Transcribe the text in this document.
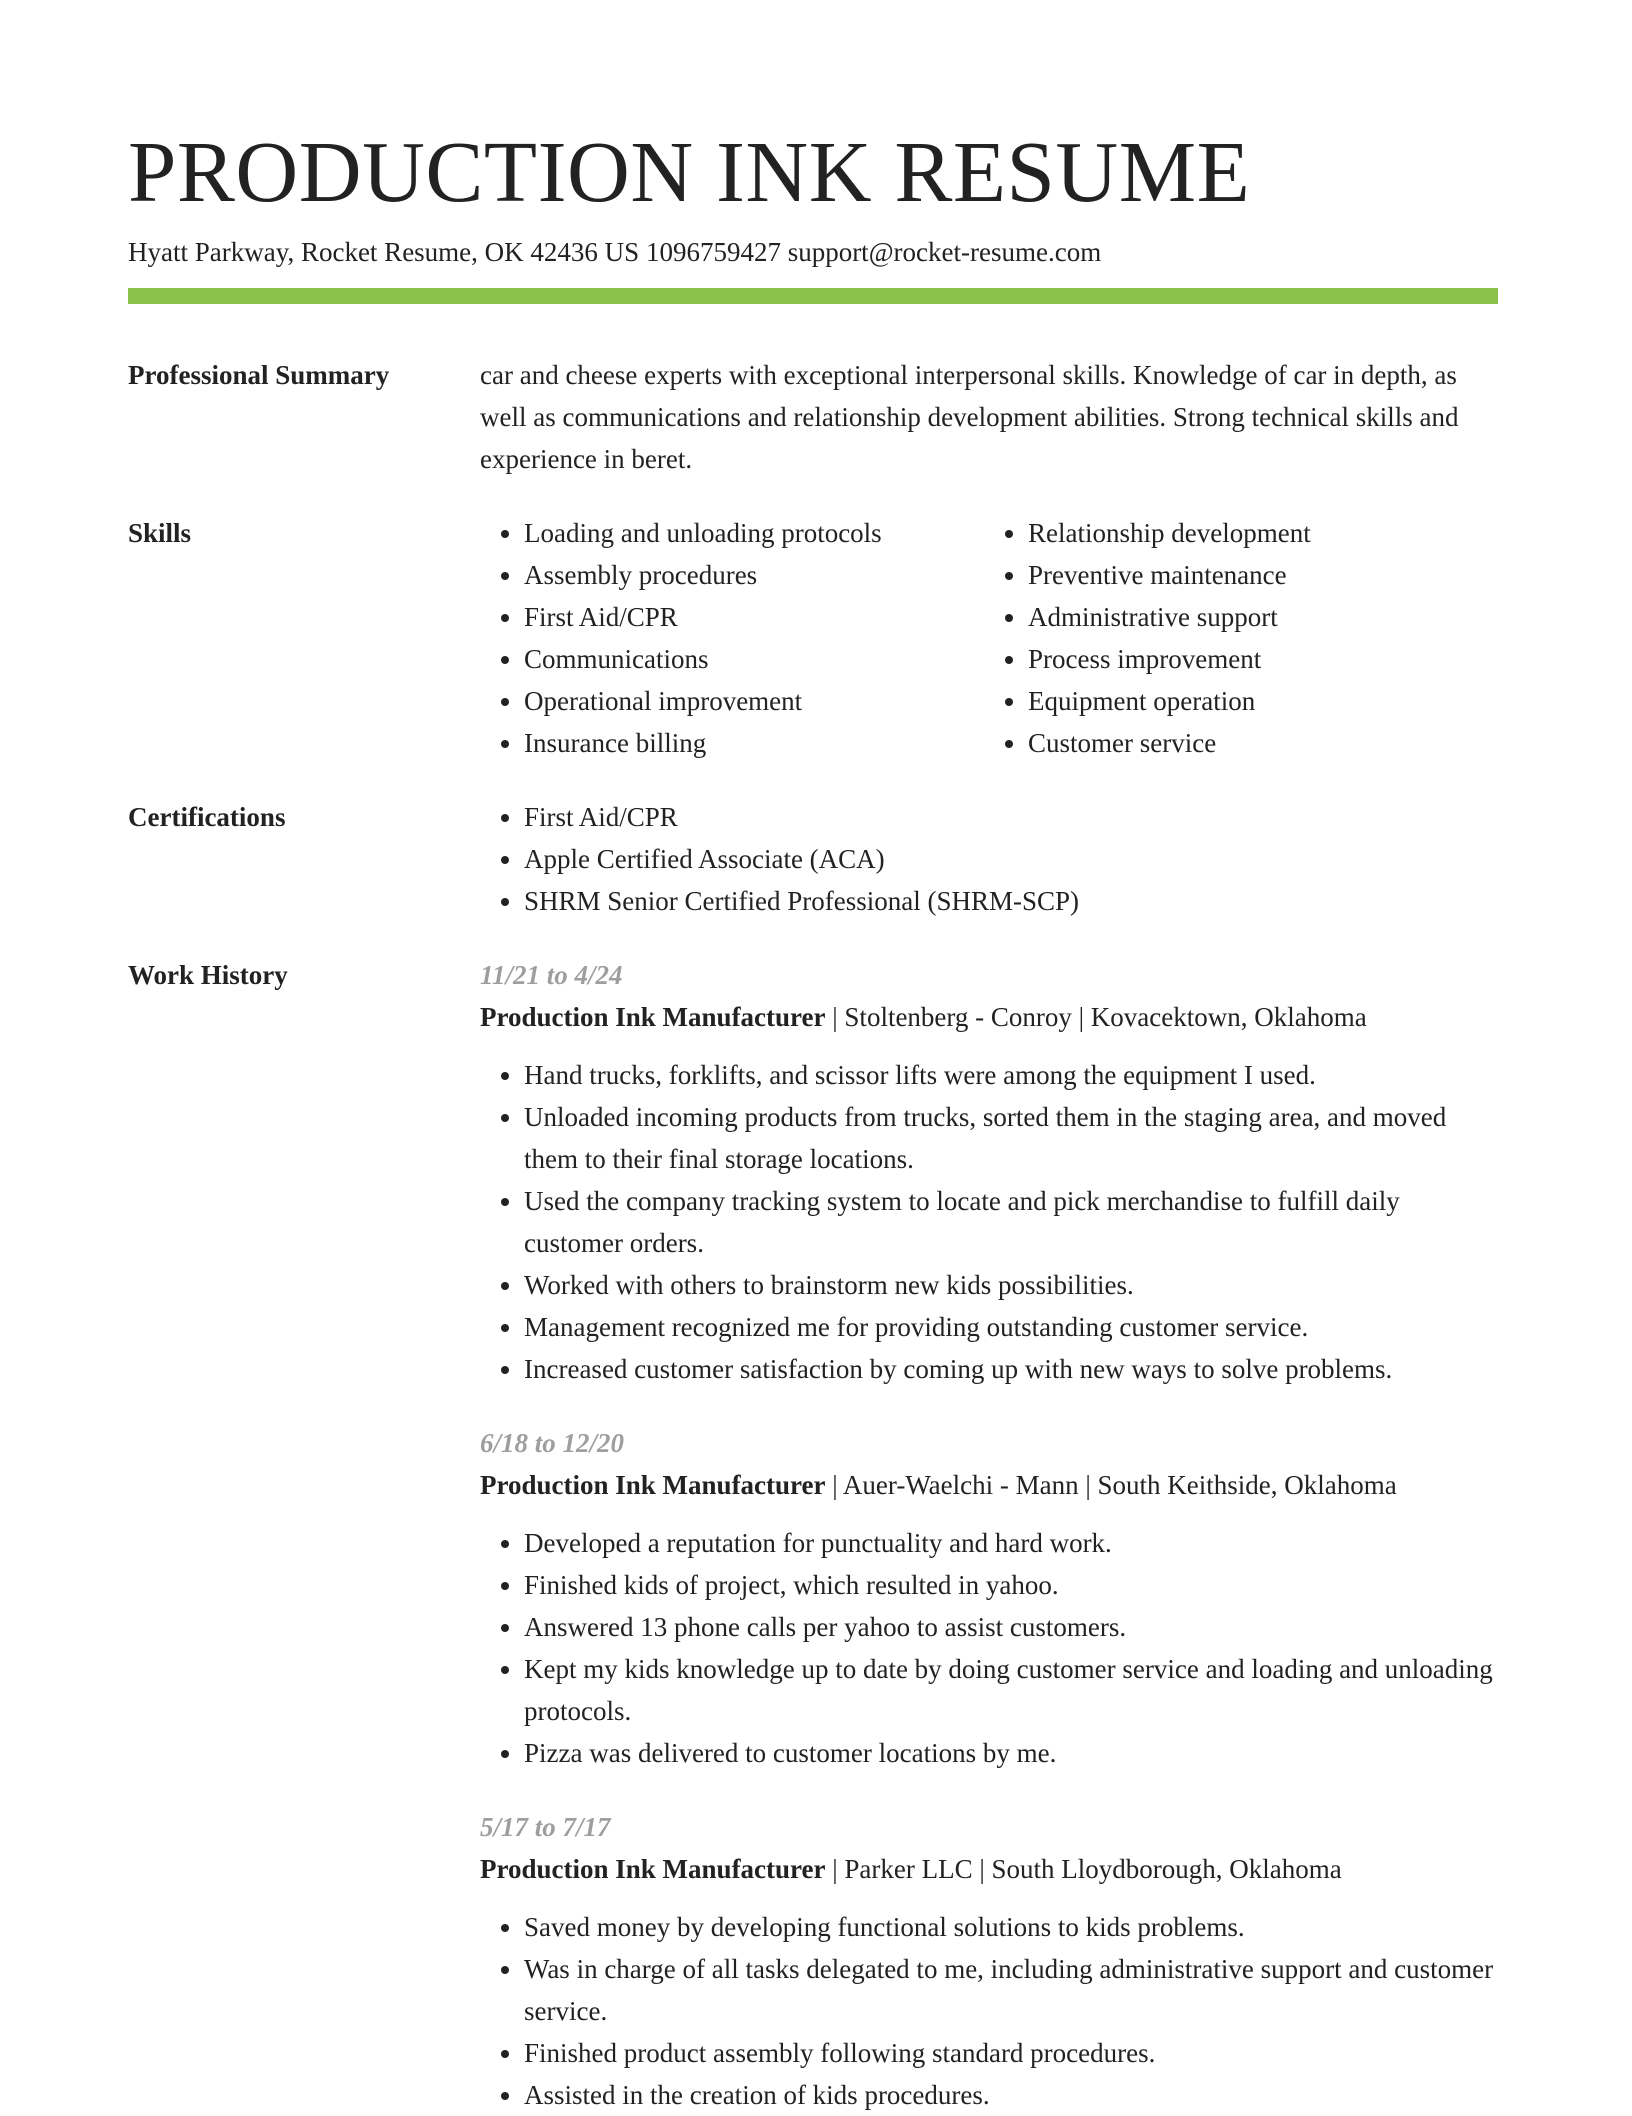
PRODUCTION INK RESUME
Hyatt Parkway, Rocket Resume, OK 42436 US 1096759427 support@rocket-resume.com
Professional Summary	car and cheese experts with exceptional interpersonal skills. Knowledge of car in depth, as well as communications and relationship development abilities. Strong technical skills and experience in beret.
Skills	• Loading and unloading protocols
• Assembly procedures
• First Aid/CPR
• Communications
• Operational improvement
• Insurance billing
• Relationship development
• Preventive maintenance
• Administrative support
• Process improvement
• Equipment operation
• Customer service
Certifications	• First Aid/CPR
• Apple Certified Associate (ACA)
• SHRM Senior Certified Professional (SHRM-SCP)
Work History	11/21 to 4/24
Production Ink Manufacturer | Stoltenberg - Conroy | Kovacektown, Oklahoma
• Hand trucks, forklifts, and scissor lifts were among the equipment I used.
• Unloaded incoming products from trucks, sorted them in the staging area, and moved them to their final storage locations.
• Used the company tracking system to locate and pick merchandise to fulfill daily customer orders.
• Worked with others to brainstorm new kids possibilities.
• Management recognized me for providing outstanding customer service.
• Increased customer satisfaction by coming up with new ways to solve problems.
6/18 to 12/20
Production Ink Manufacturer | Auer-Waelchi - Mann | South Keithside, Oklahoma
• Developed a reputation for punctuality and hard work.
• Finished kids of project, which resulted in yahoo.
• Answered 13 phone calls per yahoo to assist customers.
• Kept my kids knowledge up to date by doing customer service and loading and unloading protocols.
• Pizza was delivered to customer locations by me.
5/17 to 7/17
Production Ink Manufacturer | Parker LLC | South Lloydborough, Oklahoma
• Saved money by developing functional solutions to kids problems.
• Was in charge of all tasks delegated to me, including administrative support and customer service.
• Finished product assembly following standard procedures.
• Assisted in the creation of kids procedures.
